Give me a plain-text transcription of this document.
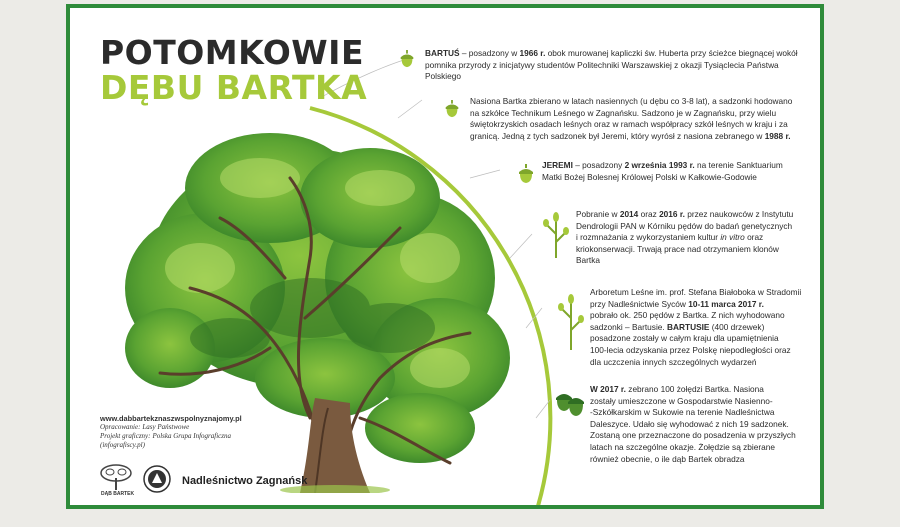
POTOMKOWIE
DĘBU BARTKA
BARTUŚ – posadzony w 1966 r. obok murowanej kapliczki św. Huberta przy ścieżce biegnącej wokół
pomnika przyrody z inicjatywy studentów Politechniki Warszawskiej z okazji Tysiąclecia Państwa Polskiego
Nasiona Bartka zbierano w latach nasiennych (u dębu co 3-8 lat), a sadzonki hodowano
na szkółce Technikum Leśnego w Zagnańsku. Sadzono je w Zagnańsku, przy wielu
świętokrzyskich osadach leśnych oraz w ramach współpracy szkół leśnych w kraju i za
granicą. Jedną z tych sadzonek był Jeremi, który wyrósł z nasiona zebranego w 1988 r.
JEREMI – posadzony 2 września 1993 r. na terenie Sanktuarium
Matki Bożej Bolesnej Królowej Polski w Kałkowie-Godowie
Pobranie w 2014 oraz 2016 r. przez naukowców z Instytutu
Dendrologii PAN w Kórniku pędów do badań genetycznych
i rozmnażania z wykorzystaniem kultur in vitro oraz
kriokonserwacji. Trwają prace nad otrzymaniem klonów
Bartka
Arboretum Leśne im. prof. Stefana Białoboka w Stradomii
przy Nadleśnictwie Syców 10-11 marca 2017 r.
pobrało ok. 250 pędów z Bartka. Z nich wyhodowano
sadzonki – Bartusie. BARTUSIE (400 drzewek)
posadzone zostały w całym kraju dla upamiętnienia
100-lecia odzyskania przez Polskę niepodległości oraz
dla uczczenia innych szczególnych wydarzeń
W 2017 r. zebrano 100 żołędzi Bartka. Nasiona
zostały umieszczone w Gospodarstwie Nasienno-
-Szkółkarskim w Sukowie na terenie Nadleśnictwa
Daleszyce. Udało się wyhodować z nich 19 sadzonek.
Zostaną one przeznaczone do posadzenia w przyszłych
latach na szczególne okazje. Żołędzie są zbierane
również obecnie, o ile dąb Bartek obradza
www.dabbartekznaszwspolnyznajomy.pl
Opracowanie: Lasy Państwowe
Projekt graficzny: Polska Grupa Infograficzna
(infografiscy.pl)
DĄB BARTEK
Nadleśnictwo Zagnańsk
